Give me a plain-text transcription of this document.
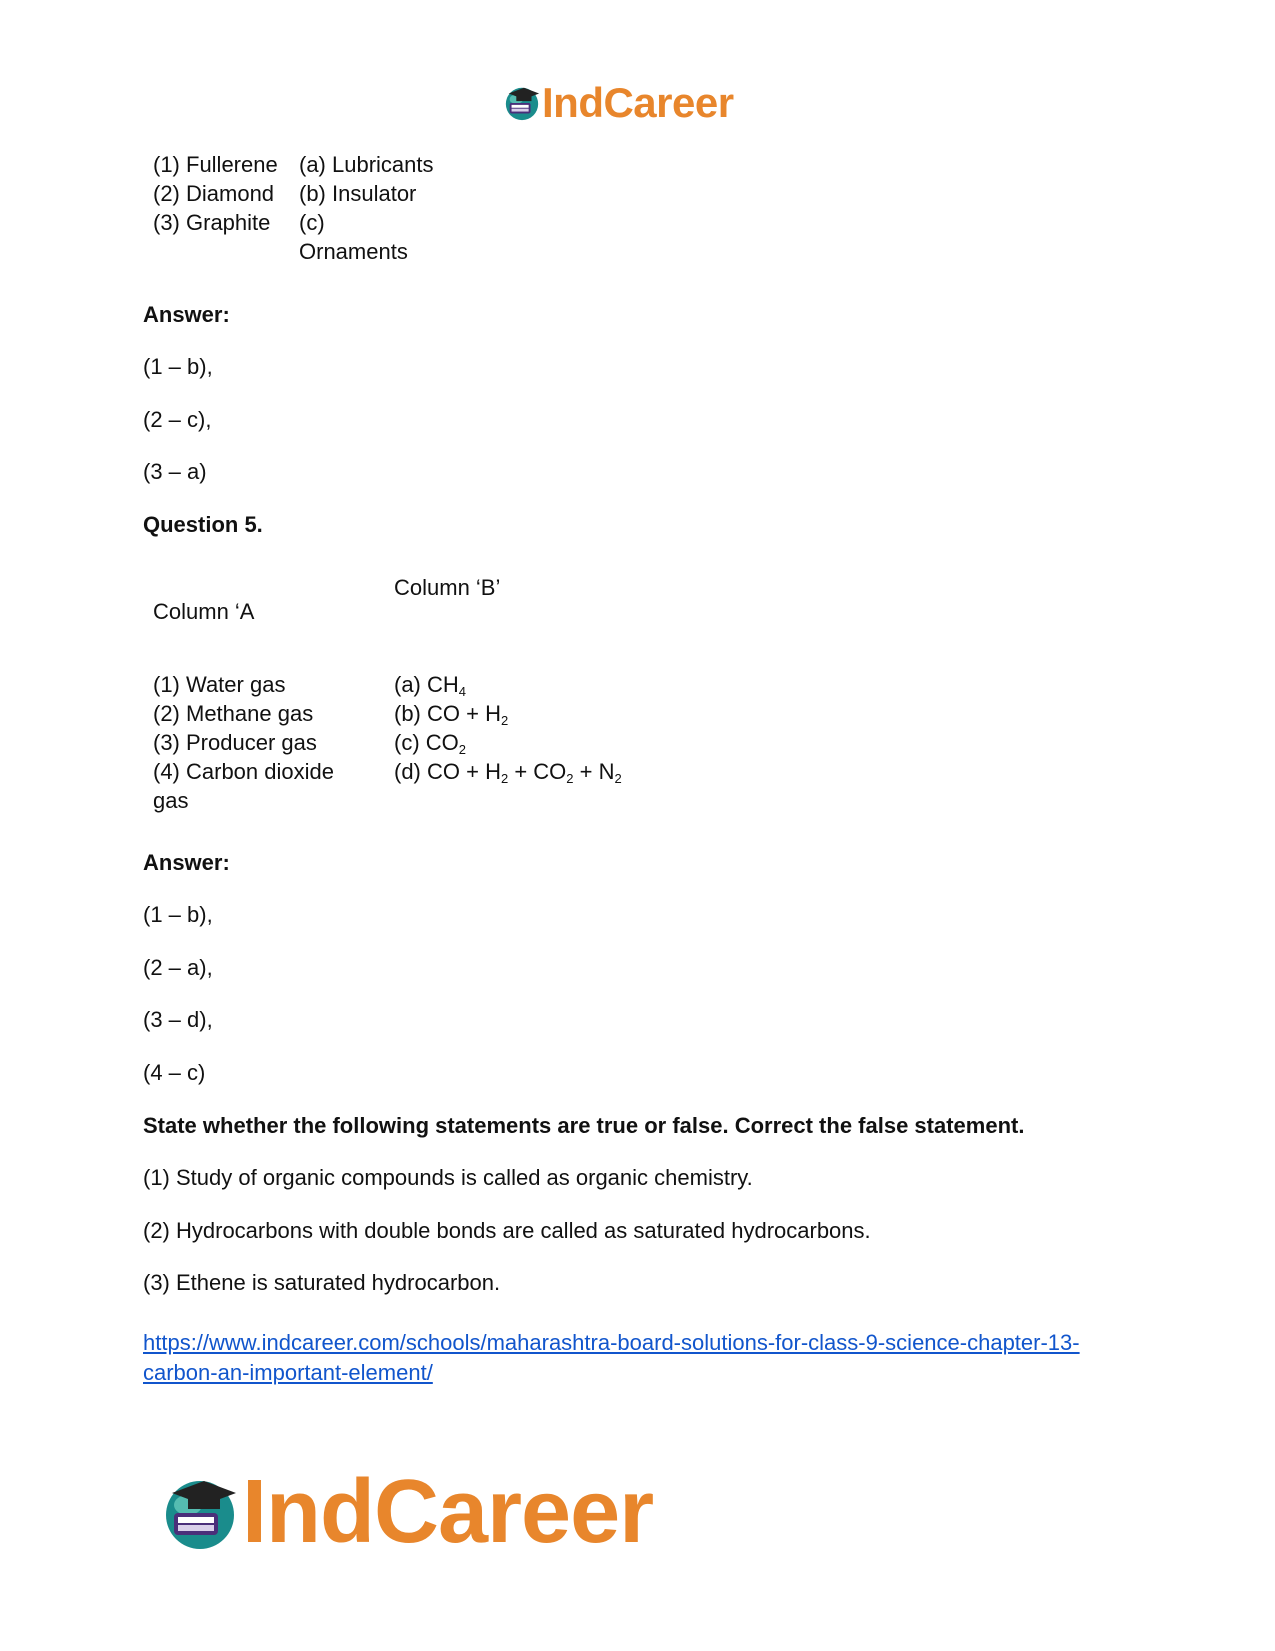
IndCareer
(1) Fullerene
(2) Diamond
(3) Graphite
(a) Lubricants
(b) Insulator
(c)
Ornaments
Answer:
(1 – b),
(2 – c),
(3 – a)
Question 5.
Column ‘B’
Column ‘A
(1) Water gas
(2) Methane gas
(3) Producer gas
(4) Carbon dioxide
gas
(a) $CH_4$
(b) CO + $H_2$
(c) $CO_2$
(d) CO + $H_2 + CO_2 + N_2$
Answer:
(1 – b),
(2 – a),
(3 – d),
(4 – c)
State whether the following statements are true or false. Correct the false statement.
(1) Study of organic compounds is called as organic chemistry.
(2) Hydrocarbons with double bonds are called as saturated hydrocarbons.
(3) Ethene is saturated hydrocarbon.
https://www.indcareer.com/schools/maharashtra-board-solutions-for-class-9-science-chapter-13-
carbon-an-important-element/
IndCareer
